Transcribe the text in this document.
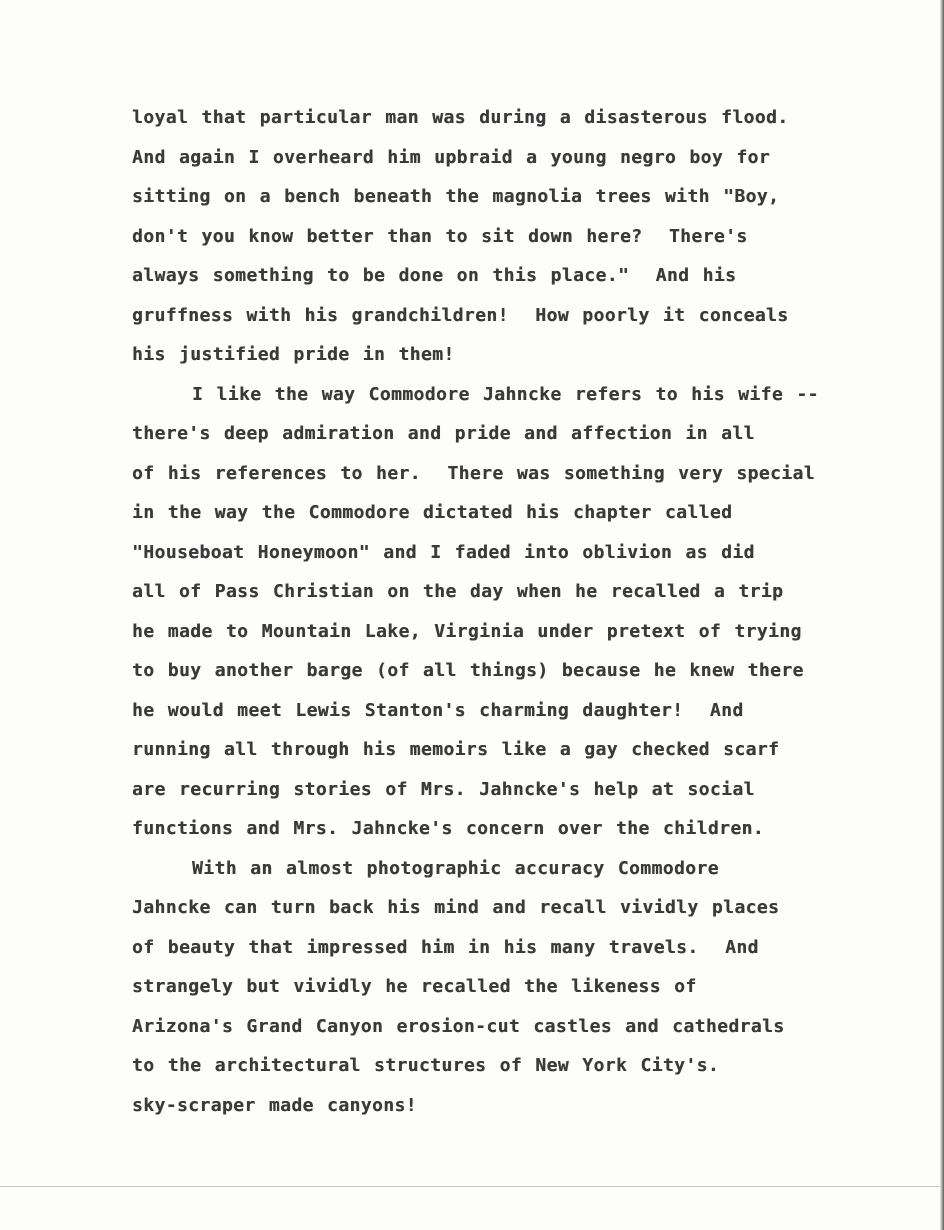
loyal that particular man was during a disasterous flood.
And again I overheard him upbraid a young negro boy for
sitting on a bench beneath the magnolia trees with "Boy,
don't you know better than to sit down here?  There's
always something to be done on this place."  And his
gruffness with his grandchildren!  How poorly it conceals
his justified pride in them!
I like the way Commodore Jahncke refers to his wife --
there's deep admiration and pride and affection in all
of his references to her.  There was something very special
in the way the Commodore dictated his chapter called
"Houseboat Honeymoon" and I faded into oblivion as did
all of Pass Christian on the day when he recalled a trip
he made to Mountain Lake, Virginia under pretext of trying
to buy another barge (of all things) because he knew there
he would meet Lewis Stanton's charming daughter!  And
running all through his memoirs like a gay checked scarf
are recurring stories of Mrs. Jahncke's help at social
functions and Mrs. Jahncke's concern over the children.
With an almost photographic accuracy Commodore
Jahncke can turn back his mind and recall vividly places
of beauty that impressed him in his many travels.  And
strangely but vividly he recalled the likeness of
Arizona's Grand Canyon erosion-cut castles and cathedrals
to the architectural structures of New York City's.
sky-scraper made canyons!
